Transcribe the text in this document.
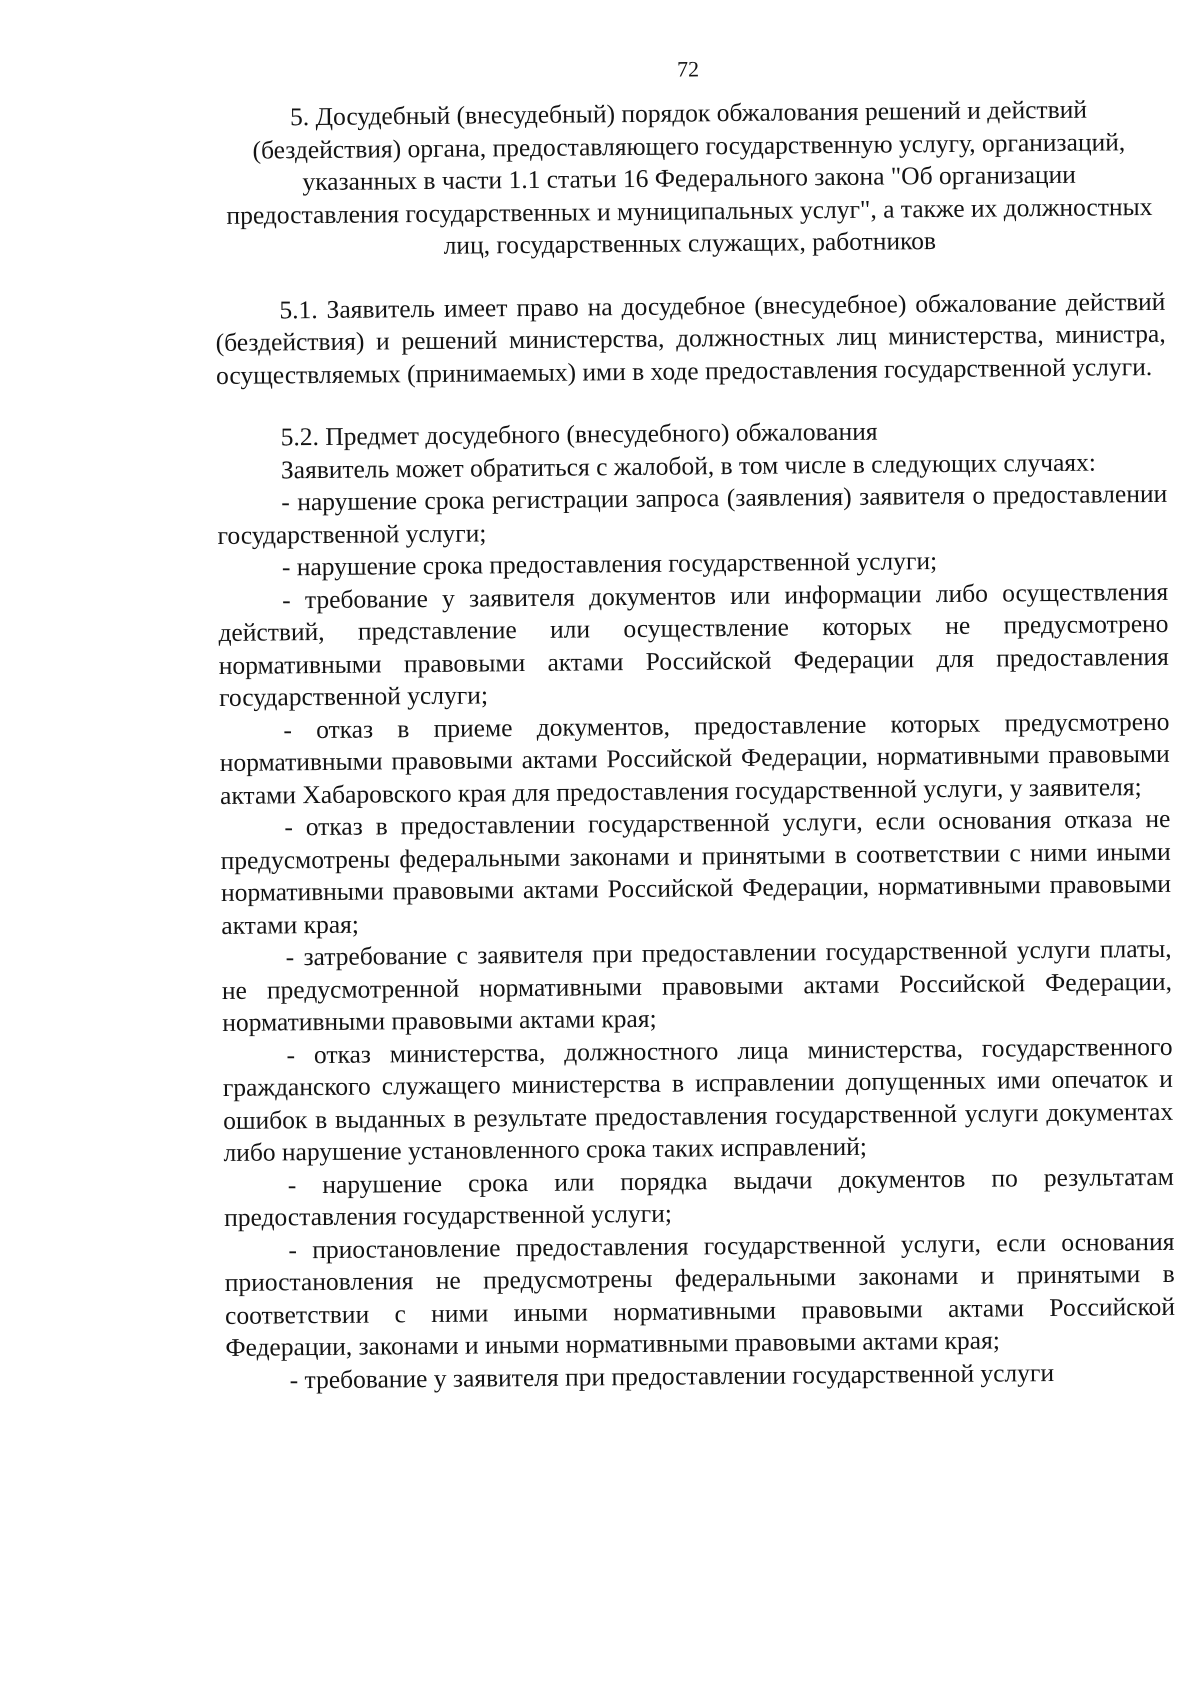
72
5. Досудебный (внесудебный) порядок обжалования решений и действий (бездействия) органа, предоставляющего государственную услугу, организаций, указанных в части 1.1 статьи 16 Федерального закона "Об организации предоставления государственных и муниципальных услуг", а также их должностных лиц, государственных служащих, работников

5.1. Заявитель имеет право на досудебное (внесудебное) обжалование действий (бездействия) и решений министерства, должностных лиц министерства, министра, осуществляемых (принимаемых) ими в ходе предоставления государственной услуги.

5.2. Предмет досудебного (внесудебного) обжалования

Заявитель может обратиться с жалобой, в том числе в следующих случаях:

- нарушение срока регистрации запроса (заявления) заявителя о предоставлении государственной услуги;
- нарушение срока предоставления государственной услуги;
- требование у заявителя документов или информации либо осуществления действий, представление или осуществление которых не предусмотрено нормативными правовыми актами Российской Федерации для предоставления государственной услуги;
- отказ в приеме документов, предоставление которых предусмотрено нормативными правовыми актами Российской Федерации, нормативными правовыми актами Хабаровского края для предоставления государственной услуги, у заявителя;
- отказ в предоставлении государственной услуги, если основания отказа не предусмотрены федеральными законами и принятыми в соответствии с ними иными нормативными правовыми актами Российской Федерации, нормативными правовыми актами края;
- затребование с заявителя при предоставлении государственной услуги платы, не предусмотренной нормативными правовыми актами Российской Федерации, нормативными правовыми актами края;
- отказ министерства, должностного лица министерства, государственного гражданского служащего министерства в исправлении допущенных ими опечаток и ошибок в выданных в результате предоставления государственной услуги документах либо нарушение установленного срока таких исправлений;
- нарушение срока или порядка выдачи документов по результатам предоставления государственной услуги;
- приостановление предоставления государственной услуги, если основания приостановления не предусмотрены федеральными законами и принятыми в соответствии с ними иными нормативными правовыми актами Российской Федерации, законами и иными нормативными правовыми актами края;
- требование у заявителя при предоставлении государственной услуги
